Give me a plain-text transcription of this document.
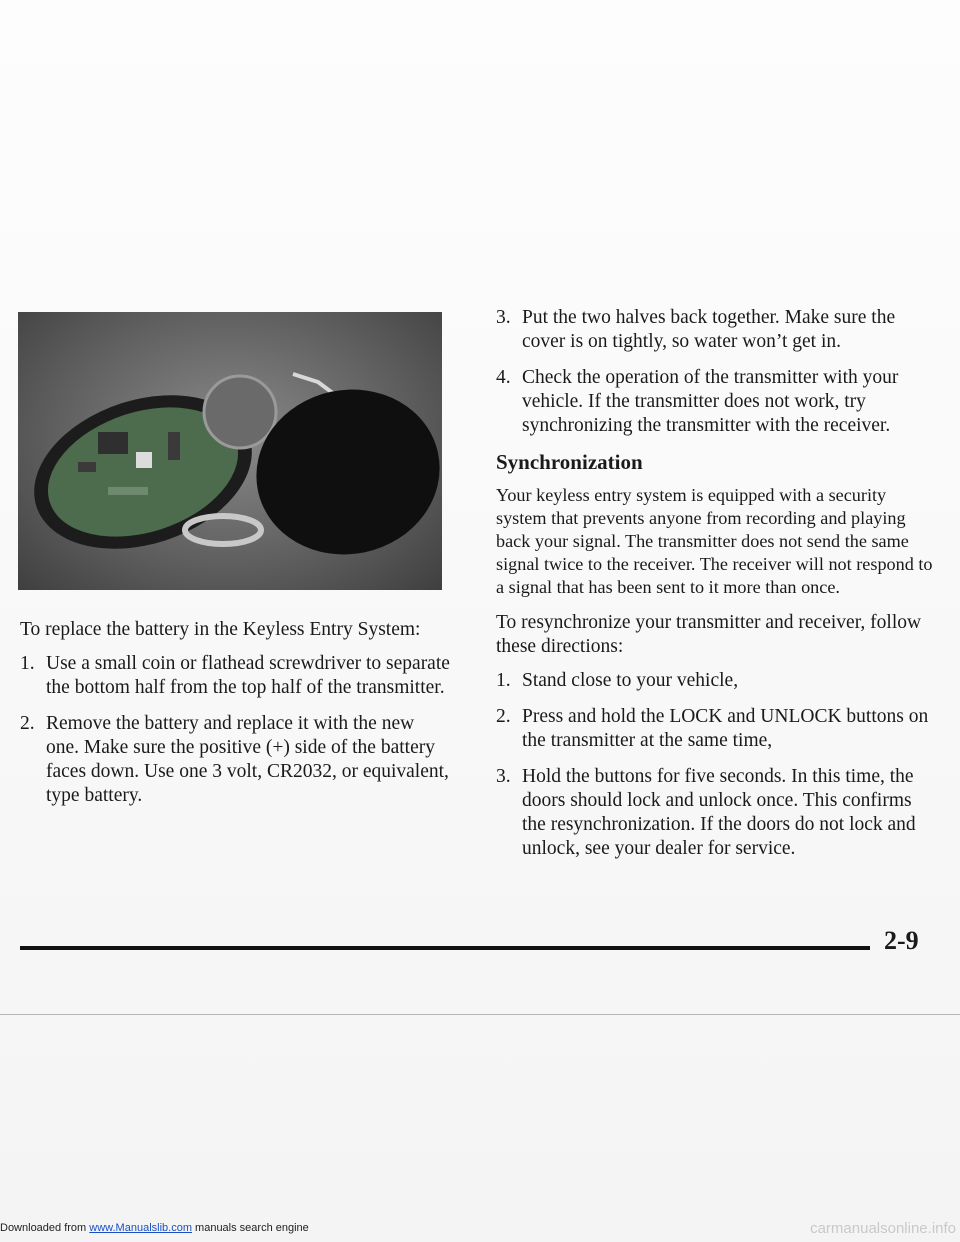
To replace the battery in the Keyless Entry System:

1. Use a small coin or flathead screwdriver to separate the bottom half from the top half of the transmitter.
2. Remove the battery and replace it with the new one. Make sure the positive (+) side of the battery faces down. Use one 3 volt, CR2032, or equivalent, type battery.
3. Put the two halves back together. Make sure the cover is on tightly, so water won’t get in.
4. Check the operation of the transmitter with your vehicle. If the transmitter does not work, try synchronizing the transmitter with the receiver.
Synchronization

Your keyless entry system is equipped with a security system that prevents anyone from recording and playing back your signal. The transmitter does not send the same signal twice to the receiver. The receiver will not respond to a signal that has been sent to it more than once.

To resynchronize your transmitter and receiver, follow these directions:

1. Stand close to your vehicle,
2. Press and hold the LOCK and UNLOCK buttons on the transmitter at the same time,
3. Hold the buttons for five seconds. In this time, the doors should lock and unlock once. This confirms the resynchronization. If the doors do not lock and unlock, see your dealer for service.
2-9
Downloaded from www.Manualslib.com manuals search engine	carmanualsonline.info
